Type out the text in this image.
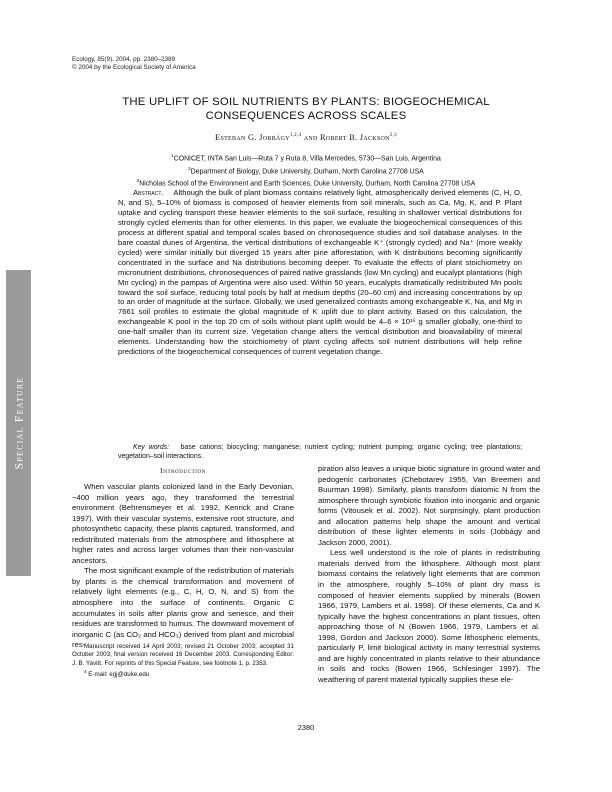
Ecology, 85(9), 2004, pp. 2380–2389
© 2004 by the Ecological Society of America
THE UPLIFT OF SOIL NUTRIENTS BY PLANTS: BIOGEOCHEMICAL
CONSEQUENCES ACROSS SCALES
Esteban G. Jobbágy$^{1,2,4}$ and Robert B. Jackson$^{2,3}$
$^1$CONICET, INTA San Luis—Ruta 7 y Ruta 8, Villa Mercedes, 5730—San Luis, Argentina
$^2$Department of Biology, Duke University, Durham, North Carolina 27708 USA
$^3$Nicholas School of the Environment and Earth Sciences, Duke University, Durham, North Carolina 27708 USA

Abstract. Although the bulk of plant biomass contains relatively light, atmospherically derived elements (C, H, O, N, and S), 5–10% of biomass is composed of heavier elements from soil minerals, such as Ca, Mg, K, and P. Plant uptake and cycling transport these heavier elements to the soil surface, resulting in shallower vertical distributions for strongly cycled elements than for other elements. In this paper, we evaluate the biogeochemical consequences of this process at different spatial and temporal scales based on chronosequence studies and soil database analyses. In the bare coastal dunes of Argentina, the vertical distributions of exchangeable K⁺ (strongly cycled) and Na⁺ (more weakly cycled) were similar initially but diverged 15 years after pine afforestation, with K distributions becoming significantly concentrated in the surface and Na distributions becoming deeper. To evaluate the effects of plant stoichiometry on micronutrient distributions, chronosequences of paired native grasslands (low Mn cycling) and eucalypt plantations (high Mn cycling) in the pampas of Argentina were also used. Within 50 years, eucalypts dramatically redistributed Mn pools toward the soil surface, reducing total pools by half at medium depths (20–60 cm) and increasing concentrations by up to an order of magnitude at the surface. Globally, we used generalized contrasts among exchangeable K, Na, and Mg in 7661 soil profiles to estimate the global magnitude of K uplift due to plant activity. Based on this calculation, the exchangeable K pool in the top 20 cm of soils without plant uplift would be 4–6 × 10¹⁵ g smaller globally, one-third to one-half smaller than its current size. Vegetation change alters the vertical distribution and bioavailability of mineral elements. Understanding how the stoichiometry of plant cycling affects soil nutrient distributions will help refine predictions of the biogeochemical consequences of current vegetation change.

Key words: base cations; biocycling; manganese; nutrient cycling; nutrient pumping; organic cycling; tree plantations; vegetation–soil interactions.

Special Feature
Introduction

When vascular plants colonized land in the Early Devonian, ~400 million years ago, they transformed the terrestrial environment (Behrensmeyer et al. 1992, Kenrick and Crane 1997). With their vascular systems, extensive root structure, and photosynthetic capacity, these plants captured, transformed, and redistributed materials from the atmosphere and lithosphere at higher rates and across larger volumes than their non-vascular ancestors.

The most significant example of the redistribution of materials by plants is the chemical transformation and movement of relatively light elements (e.g., C, H, O, N, and S) from the atmosphere into the surface of continents. Organic C accumulates in soils after plants grow and senesce, and their residues are transformed to humus. The downward movement of inorganic C (as CO₂ and HCO₃) derived from plant and microbial res-

piration also leaves a unique biotic signature in ground water and pedogenic carbonates (Chebotarev 1955, Van Breemen and Buurman 1998). Similarly, plants transform diatomic N from the atmosphere through symbiotic fixation into inorganic and organic forms (Vitousek et al. 2002). Not surprisingly, plant production and allocation patterns help shape the amount and vertical distribution of these lighter elements in soils (Jobbágy and Jackson 2000, 2001).

Less well understood is the role of plants in redistributing materials derived from the lithosphere. Although most plant biomass contains the relatively light elements that are common in the atmosphere, roughly 5–10% of plant dry mass is composed of heavier elements supplied by minerals (Bowen 1966, 1979, Lambers et al. 1998). Of these elements, Ca and K typically have the highest concentrations in plant tissues, often approaching those of N (Bowen 1966, 1979, Lambers et al. 1998, Gordon and Jackson 2000). Some lithospheric elements, particularly P, limit biological activity in many terrestrial systems and are highly concentrated in plants relative to their abundance in soils and rocks (Bowen 1966, Schlesinger 1997). The weathering of parent material typically supplies these ele-

Manuscript received 14 April 2003; revised 21 October 2003; accepted 31 October 2003; final version received 16 December 2003. Corresponding Editor: J. B. Yavitt. For reprints of this Special Feature, see footnote 1, p. 2353.

$^4$ E-mail: egj@duke.edu

2380
